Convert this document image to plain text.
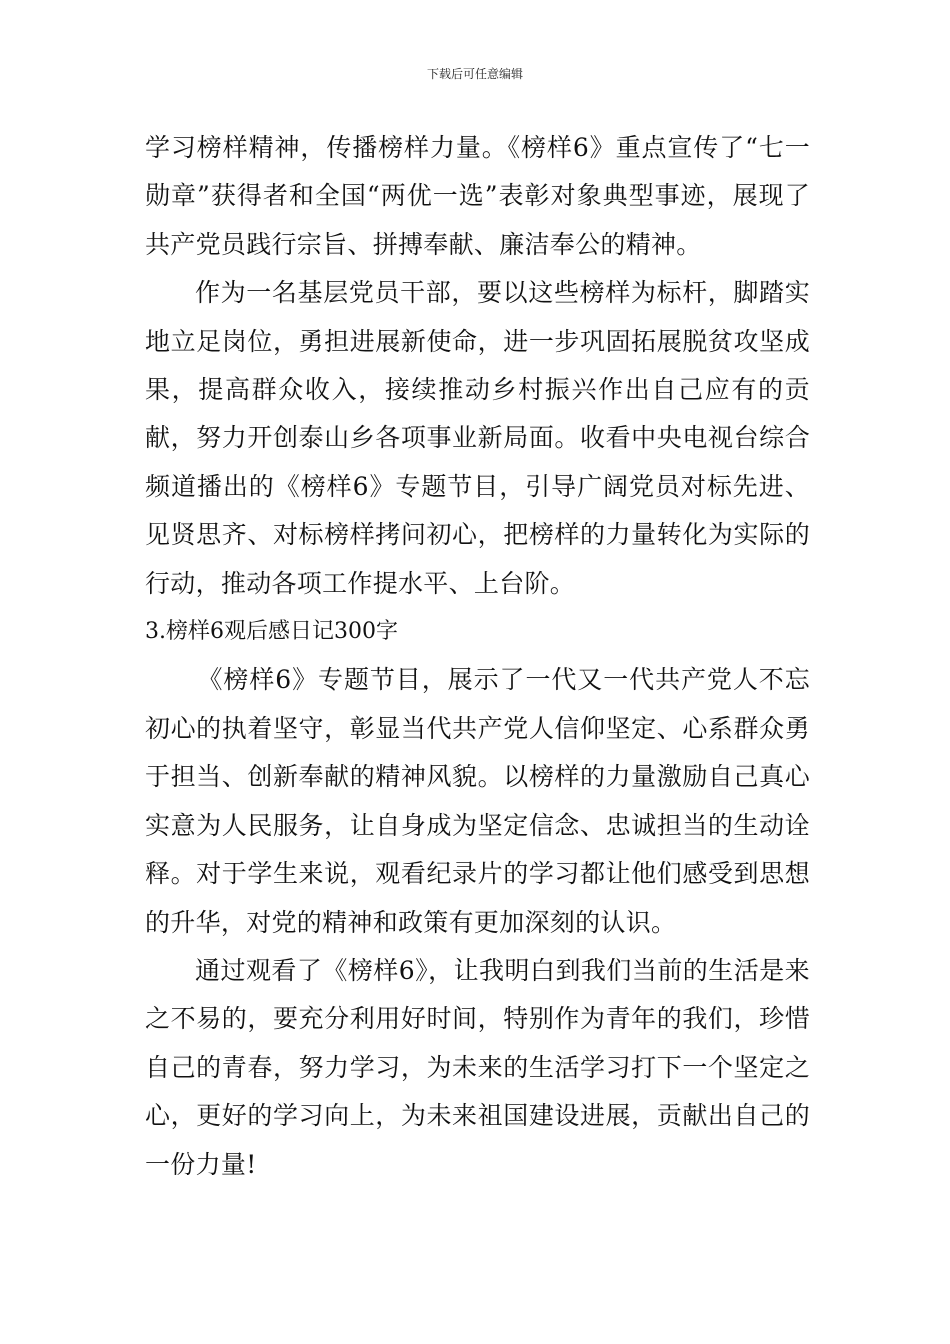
下载后可任意编辑

学习榜样精神，传播榜样力量。《榜样6》重点宣传了“七一勋章”获得者和全国“两优一选”表彰对象典型事迹，展现了共产党员践行宗旨、拼搏奉献、廉洁奉公的精神。

作为一名基层党员干部，要以这些榜样为标杆，脚踏实地立足岗位，勇担进展新使命，进一步巩固拓展脱贫攻坚成果，提高群众收入，接续推动乡村振兴作出自己应有的贡献，努力开创泰山乡各项事业新局面。收看中央电视台综合频道播出的《榜样6》专题节目，引导广阔党员对标先进、见贤思齐、对标榜样拷问初心，把榜样的力量转化为实际的行动，推动各项工作提水平、上台阶。

3.榜样6观后感日记300字

《榜样6》专题节目，展示了一代又一代共产党人不忘初心的执着坚守，彰显当代共产党人信仰坚定、心系群众勇于担当、创新奉献的精神风貌。以榜样的力量激励自己真心实意为人民服务，让自身成为坚定信念、忠诚担当的生动诠释。对于学生来说，观看纪录片的学习都让他们感受到思想的升华，对党的精神和政策有更加深刻的认识。

通过观看了《榜样6》，让我明白到我们当前的生活是来之不易的，要充分利用好时间，特别作为青年的我们，珍惜自己的青春，努力学习，为未来的生活学习打下一个坚定之心，更好的学习向上，为未来祖国建设进展，贡献出自己的一份力量!
